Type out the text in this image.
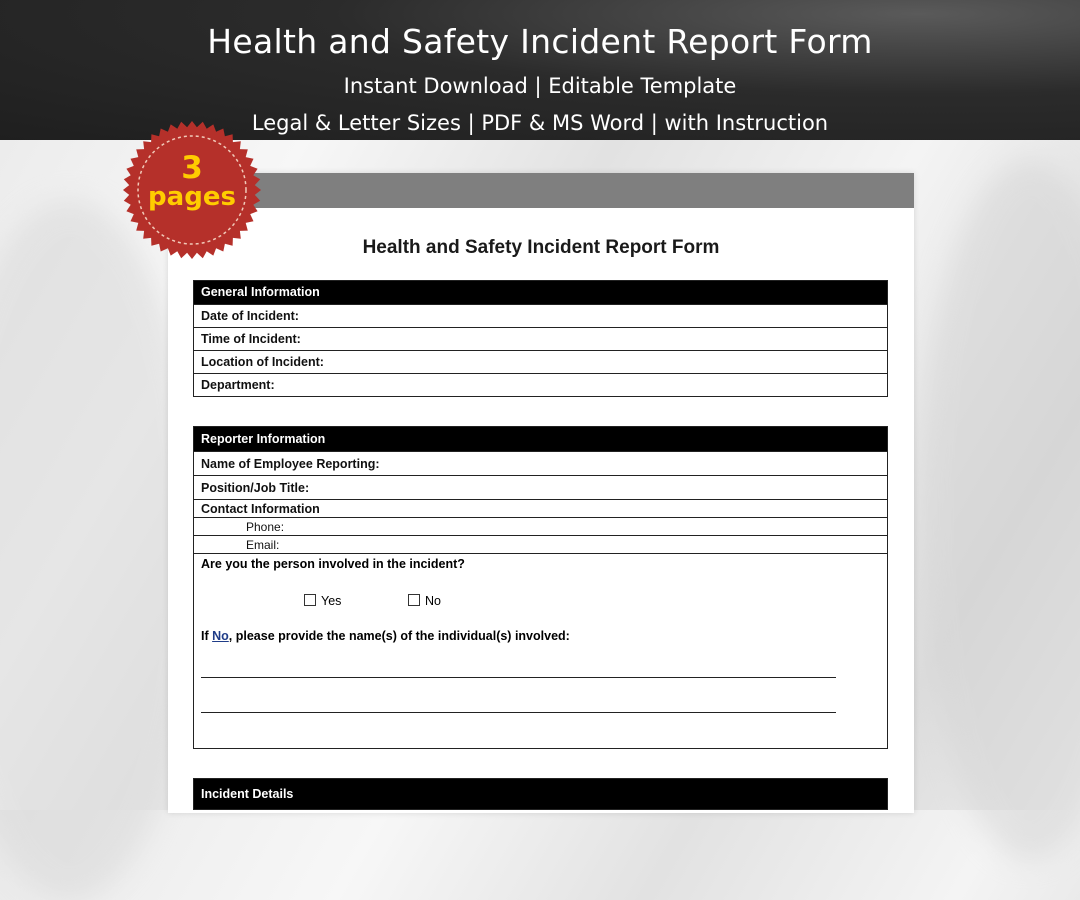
Health and Safety Incident Report Form
Instant Download | Editable Template
Legal & Letter Sizes | PDF & MS Word | with Instruction
Health and Safety Incident Report Form
General Information
Date of Incident:
Time of Incident:
Location of Incident:
Department:
Reporter Information
Name of Employee Reporting:
Position/Job Title:
Contact Information
Phone:
Email:
Are you the person involved in the incident?
Yes	No
If No, please provide the name(s) of the individual(s) involved:
Incident Details
3
pages
